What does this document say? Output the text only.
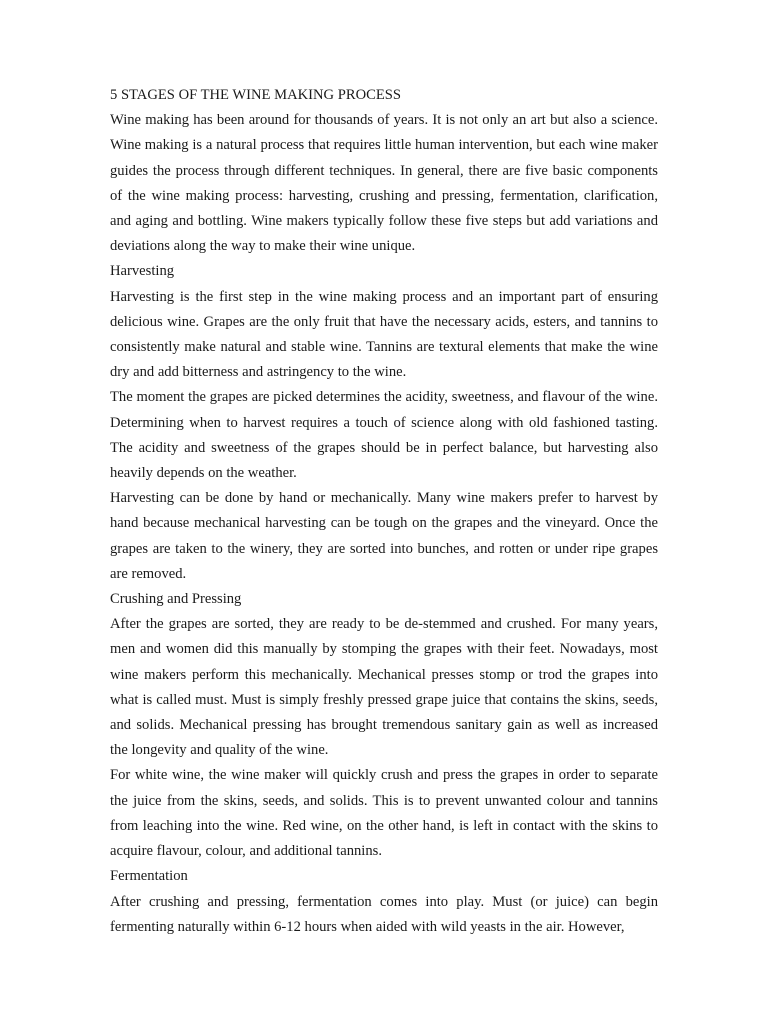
5 STAGES OF THE WINE MAKING PROCESS

Wine making has been around for thousands of years. It is not only an art but also a science. Wine making is a natural process that requires little human intervention, but each wine maker guides the process through different techniques. In general, there are five basic components of the wine making process: harvesting, crushing and pressing, fermentation, clarification, and aging and bottling. Wine makers typically follow these five steps but add variations and deviations along the way to make their wine unique.

Harvesting

Harvesting is the first step in the wine making process and an important part of ensuring delicious wine. Grapes are the only fruit that have the necessary acids, esters, and tannins to consistently make natural and stable wine. Tannins are textural elements that make the wine dry and add bitterness and astringency to the wine.

The moment the grapes are picked determines the acidity, sweetness, and flavour of the wine. Determining when to harvest requires a touch of science along with old fashioned tasting. The acidity and sweetness of the grapes should be in perfect balance, but harvesting also heavily depends on the weather.

Harvesting can be done by hand or mechanically. Many wine makers prefer to harvest by hand because mechanical harvesting can be tough on the grapes and the vineyard. Once the grapes are taken to the winery, they are sorted into bunches, and rotten or under ripe grapes are removed.

Crushing and Pressing

After the grapes are sorted, they are ready to be de-stemmed and crushed. For many years, men and women did this manually by stomping the grapes with their feet. Nowadays, most wine makers perform this mechanically. Mechanical presses stomp or trod the grapes into what is called must. Must is simply freshly pressed grape juice that contains the skins, seeds, and solids. Mechanical pressing has brought tremendous sanitary gain as well as increased the longevity and quality of the wine.

For white wine, the wine maker will quickly crush and press the grapes in order to separate the juice from the skins, seeds, and solids. This is to prevent unwanted colour and tannins from leaching into the wine. Red wine, on the other hand, is left in contact with the skins to acquire flavour, colour, and additional tannins.

Fermentation

After crushing and pressing, fermentation comes into play. Must (or juice) can begin fermenting naturally within 6-12 hours when aided with wild yeasts in the air. However,
